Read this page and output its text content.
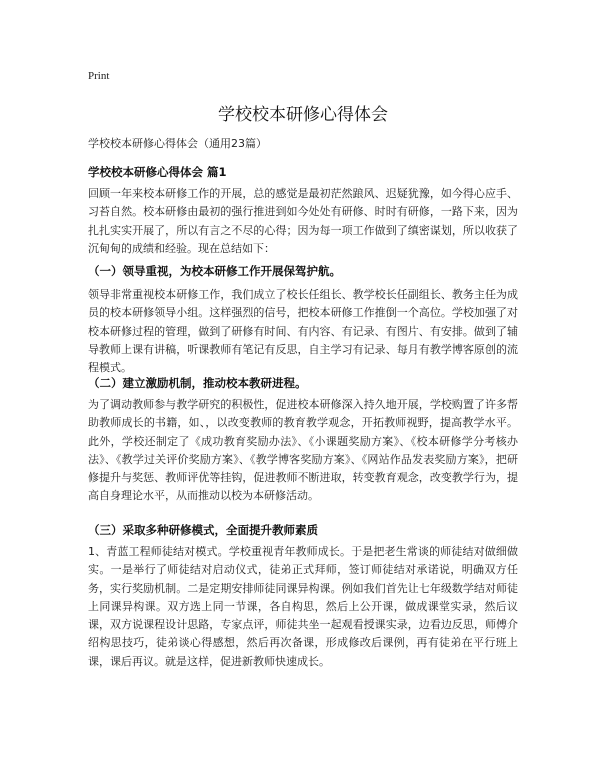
Print
学校校本研修心得体会
学校校本研修心得体会（通用23篇）
学校校本研修心得体会 篇1
回顾一年来校本研修工作的开展，总的感觉是最初茫然踉风、迟疑犹豫，如今得心应手、习苔自然。校本研修由最初的强行推进到如今处处有研修、时时有研修，一路下来，因为扎扎实实开展了，所以有言之不尽的心得；因为每一项工作做到了缜密谋划，所以收获了沉甸甸的成绩和经验。现在总结如下：
（一）领导重视，为校本研修工作开展保驾护航。
领导非常重视校本研修工作，我们成立了校长任组长、教学校长任副组长、教务主任为成员的校本研修领导小组。这样强烈的信号，把校本研修工作推倒一个高位。学校加强了对校本研修过程的管理，做到了研修有时间、有内容、有记录、有图片、有安排。做到了辅导教师上课有讲稿，听课教师有笔记有反思，自主学习有记录、每月有教学博客原创的流程模式。
（二）建立激励机制，推动校本教研进程。
为了调动教师参与教学研究的积极性，促进校本研修深入持久地开展，学校购置了许多帮助教师成长的书籍，如、，以改变教师的教育教学观念，开拓教师视野，提高教学水平。此外，学校还制定了《成功教育奖励办法》、《小课题奖励方案》、《校本研修学分考核办法》、《教学过关评价奖励方案》、《教学博客奖励方案》、《网站作品发表奖励方案》，把研修提升与奖惩、教师评优等挂钩，促进教师不断进取，转变教育观念，改变教学行为，提高自身理论水平，从而推动以校为本研修活动。
（三）采取多种研修模式，全面提升教师素质
1、青蓝工程师徒结对模式。学校重视青年教师成长。于是把老生常谈的师徒结对做细做实。一是举行了师徒结对启动仪式，徒弟正式拜师，签订师徒结对承诺说，明确双方任务，实行奖励机制。二是定期安排师徒同课异构课。例如我们首先让七年级数学结对师徒上同课异构课。双方选上同一节课，各自构思，然后上公开课，做成课堂实录，然后议课，双方说课程设计思路，专家点评，师徒共坐一起观看授课实录，边看边反思，师傅介绍构思技巧，徒弟谈心得感想，然后再次备课，形成修改后课例，再有徒弟在平行班上课，课后再议。就是这样，促进新教师快速成长。
